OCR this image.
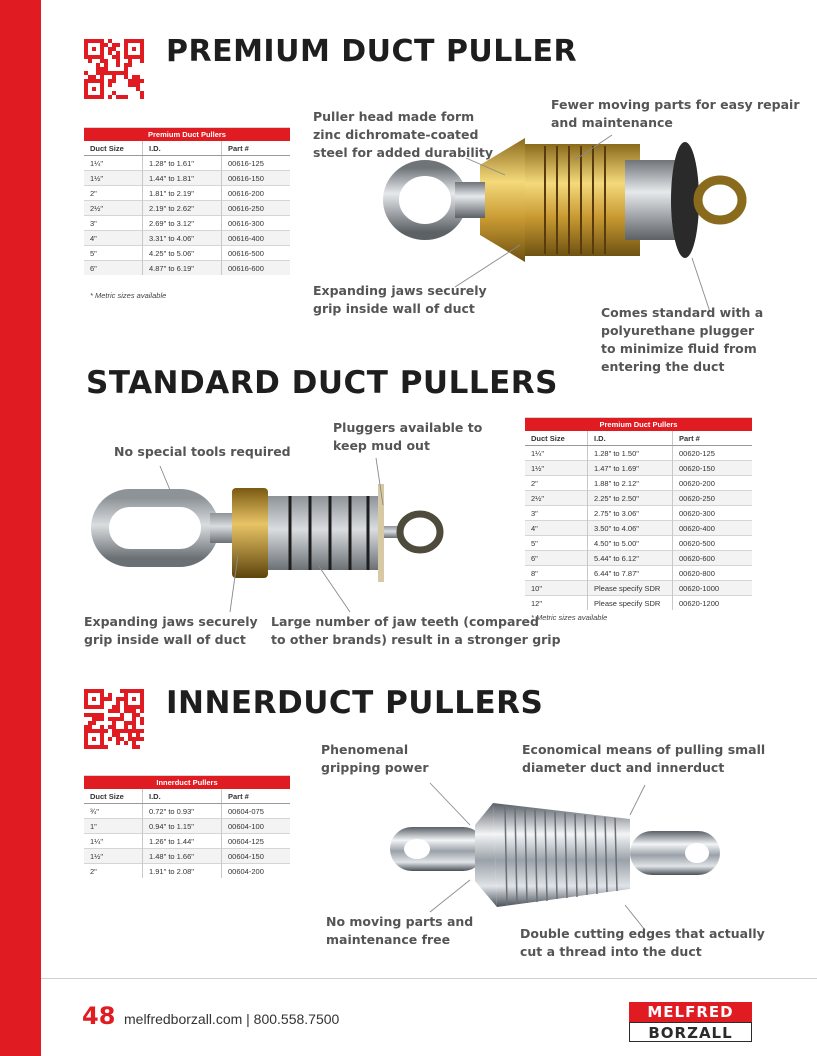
PREMIUM DUCT PULLER
STANDARD DUCT PULLERS
INNERDUCT PULLERS
Premium Duct Pullers		
Duct Size	I.D.	Part #
1¼"	1.28" to 1.61"	00616-125
1½"	1.44" to 1.81"	00616-150
2"	1.81" to 2.19"	00616-200
2½"	2.19" to 2.62"	00616-250
3"	2.69" to 3.12"	00616-300
4"	3.31" to 4.06"	00616-400
5"	4.25" to 5.06"	00616-500
6"	4.87" to 6.19"	00616-600
* Metric sizes available
Premium Duct Pullers		
Duct Size	I.D.	Part #
1¼"	1.28" to 1.50"	00620-125
1½"	1.47" to 1.69"	00620-150
2"	1.88" to 2.12"	00620-200
2½"	2.25" to 2.50"	00620-250
3"	2.75" to 3.06"	00620-300
4"	3.50" to 4.06"	00620-400
5"	4.50" to 5.00"	00620-500
6"	5.44" to 6.12"	00620-600
8"	6.44" to 7.87"	00620-800
10"	Please specify SDR	00620-1000
12"	Please specify SDR	00620-1200
* Metric sizes available
Innerduct Pullers		
Duct Size	I.D.	Part #
¾"	0.72" to 0.93"	00604-075
1"	0.94" to 1.15"	00604-100
1¼"	1.26" to 1.44"	00604-125
1½"	1.48" to 1.66"	00604-150
2"	1.91" to 2.08"	00604-200
Puller head made form
zinc dichromate-coated
steel for added durability
Fewer moving parts for easy repair
and maintenance
Expanding jaws securely
grip inside wall of duct	Comes standard with a
polyurethane plugger
to minimize fluid from
entering the duct
No special tools required
Pluggers available to
keep mud out
Expanding jaws securely
grip inside wall of duct
Large number of jaw teeth (compared
to other brands) result in a stronger grip
Phenomenal
gripping power
Economical means of pulling small
diameter duct and innerduct
No moving parts and
maintenance free	Double cutting edges that actually
cut a thread into the duct
48 melfredborzall.com | 800.558.7500	MELFRED
BORZALL
